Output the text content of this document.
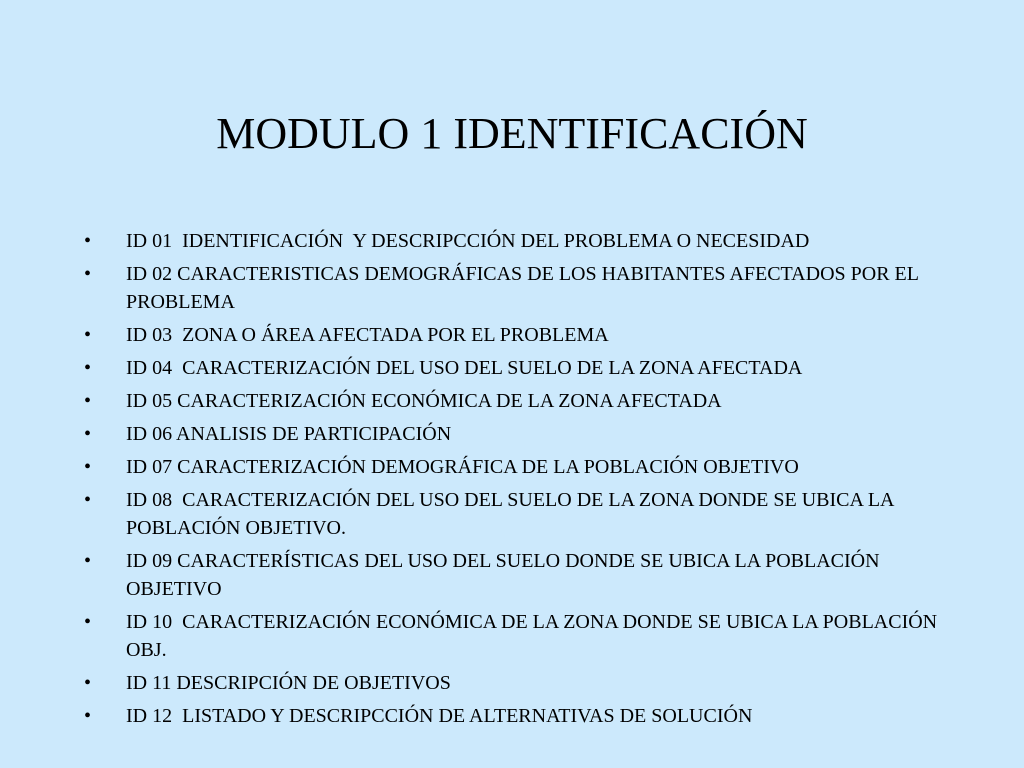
MODULO 1 IDENTIFICACIÓN
• ID 01  IDENTIFICACIÓN  Y DESCRIPCCIÓN DEL PROBLEMA O NECESIDAD
• ID 02 CARACTERISTICAS DEMOGRÁFICAS DE LOS HABITANTES AFECTADOS POR EL PROBLEMA
• ID 03  ZONA O ÁREA AFECTADA POR EL PROBLEMA
• ID 04  CARACTERIZACIÓN DEL USO DEL SUELO DE LA ZONA AFECTADA
• ID 05 CARACTERIZACIÓN ECONÓMICA DE LA ZONA AFECTADA
• ID 06 ANALISIS DE PARTICIPACIÓN
• ID 07 CARACTERIZACIÓN DEMOGRÁFICA DE LA POBLACIÓN OBJETIVO
• ID 08  CARACTERIZACIÓN DEL USO DEL SUELO DE LA ZONA DONDE SE UBICA LA POBLACIÓN OBJETIVO.
• ID 09 CARACTERÍSTICAS DEL USO DEL SUELO DONDE SE UBICA LA POBLACIÓN OBJETIVO
• ID 10  CARACTERIZACIÓN ECONÓMICA DE LA ZONA DONDE SE UBICA LA POBLACIÓN OBJ.
• ID 11 DESCRIPCIÓN DE OBJETIVOS
• ID 12  LISTADO Y DESCRIPCCIÓN DE ALTERNATIVAS DE SOLUCIÓN
